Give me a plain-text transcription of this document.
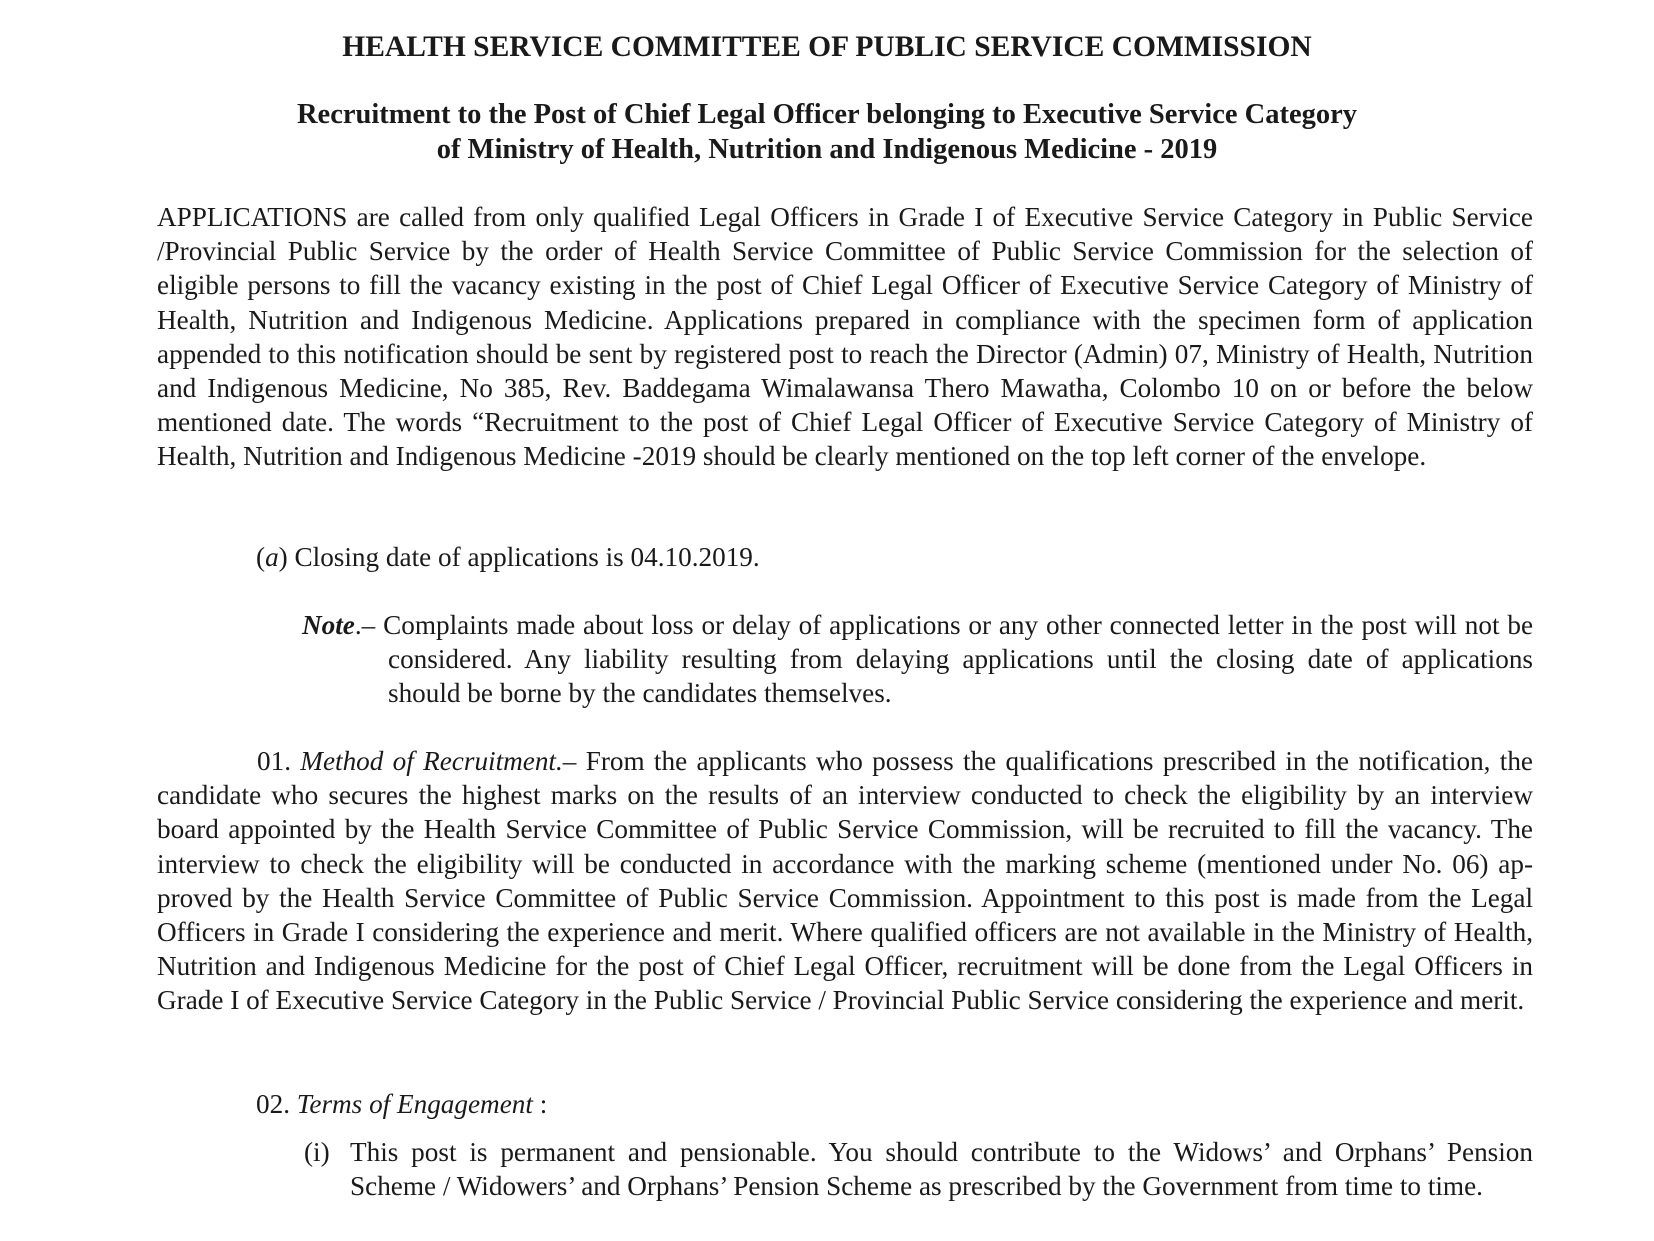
HEALTH SERVICE COMMITTEE OF PUBLIC SERVICE COMMISSION
Recruitment to the Post of Chief Legal Officer belonging to Executive Service Category
of Ministry of Health, Nutrition and Indigenous Medicine - 2019

APPLICATIONS are called from only qualified Legal Officers in Grade I of Executive Service Category in Public Service /Provincial Public Service by the order of Health Service Committee of Public Service Commission for the selection of eligible persons to fill the vacancy existing in the post of Chief Legal Officer of Executive Service Category of Ministry of Health, Nutrition and Indigenous Medicine. Applications prepared in compliance with the specimen form of application appended to this notification should be sent by registered post to reach the Director (Admin) 07, Ministry of Health, Nutrition and Indigenous Medicine, No 385, Rev. Baddegama Wimalawansa Thero Mawatha, Colombo 10 on or before the below mentioned date. The words “Recruitment to the post of Chief Legal Officer of Executive Service Category of Ministry of Health, Nutrition and Indigenous Medicine -2019 should be clearly mentioned on the top left corner of the envelope.

(a) Closing date of applications is 04.10.2019.

Note.– Complaints made about loss or delay of applications or any other connected letter in the post will not be considered. Any liability resulting from delaying applications until the closing date of applications should be borne by the candidates themselves.

01. Method of Recruitment.– From the applicants who possess the qualifications prescribed in the notification, the candidate who secures the highest marks on the results of an interview conducted to check the eligibility by an interview board appointed by the Health Service Committee of Public Service Commission, will be recruited to fill the vacancy. The interview to check the eligibility will be conducted in accordance with the marking scheme (mentioned under No. 06) approved by the Health Service Committee of Public Service Commission. Appointment to this post is made from the Legal Officers in Grade I considering the experience and merit. Where qualified officers are not available in the Ministry of Health, Nutrition and Indigenous Medicine for the post of Chief Legal Officer, recruitment will be done from the Legal Officers in Grade I of Executive Service Category in the Public Service / Provincial Public Service considering the experience and merit.

02. Terms of Engagement :

(i) This post is permanent and pensionable. You should contribute to the Widows’ and Orphans’ Pension Scheme / Widowers’ and Orphans’ Pension Scheme as prescribed by the Government from time to time.
